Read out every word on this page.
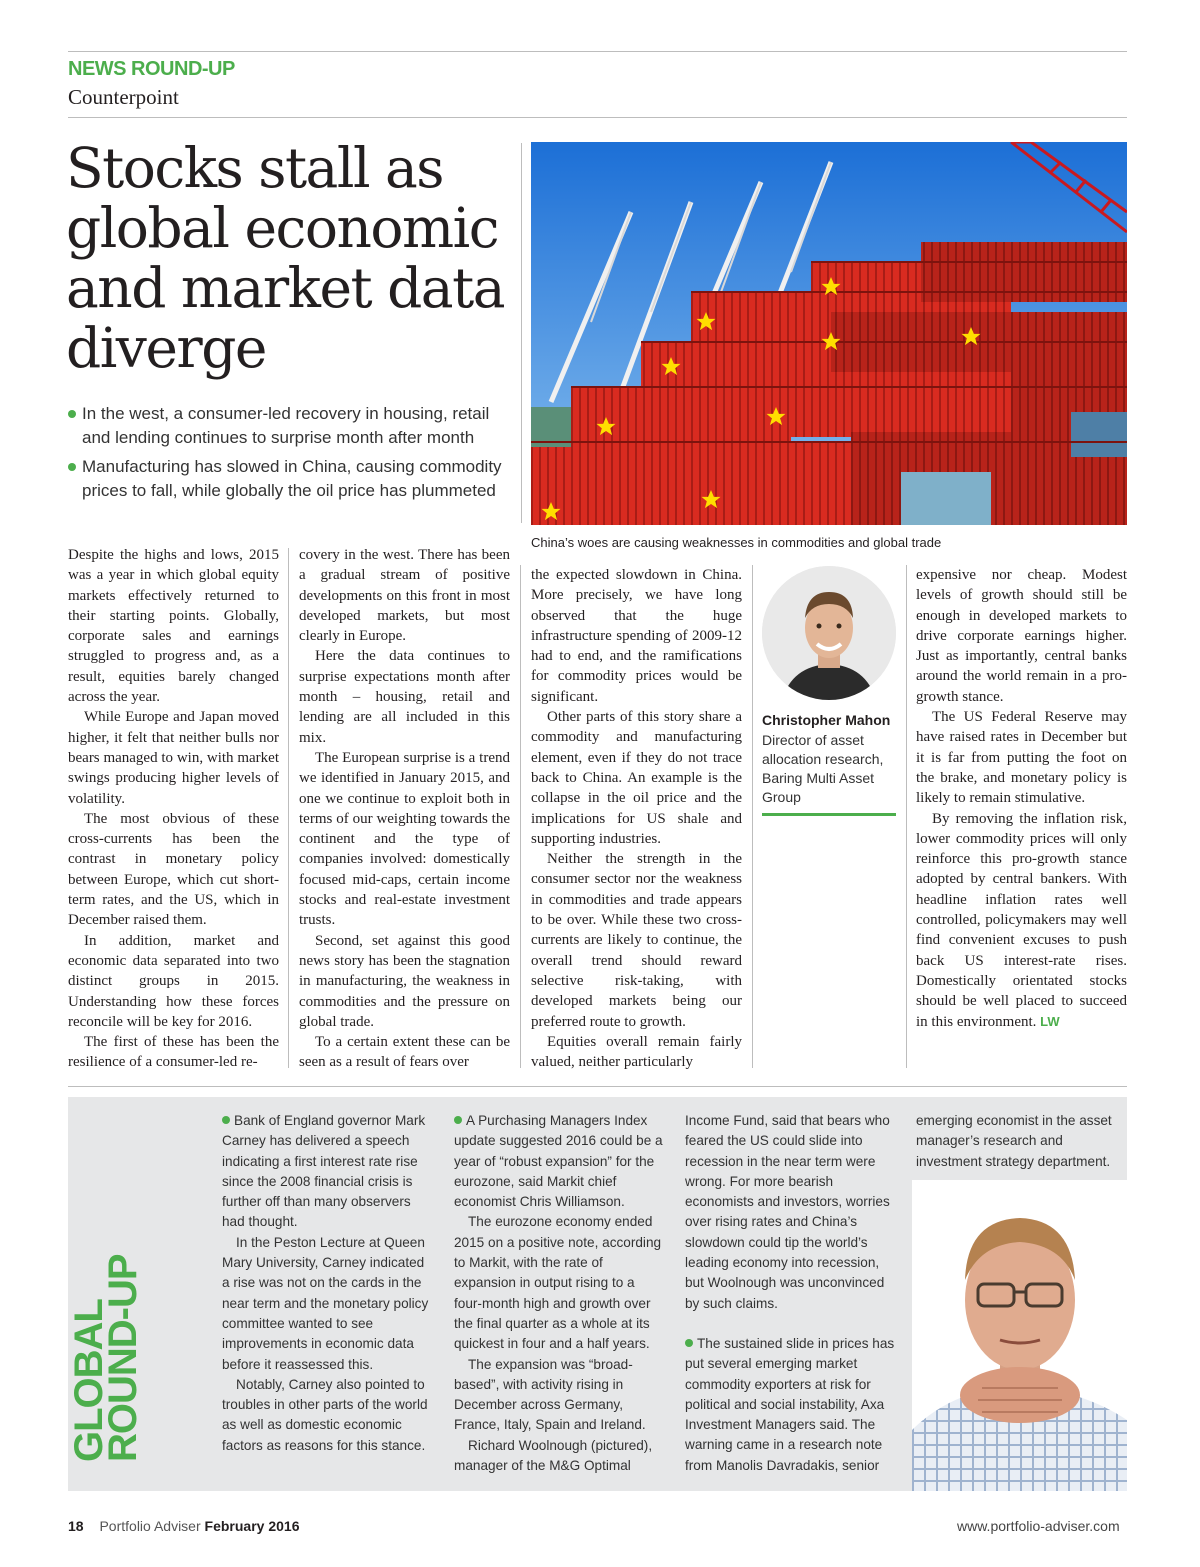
NEWS ROUND-UP
Counterpoint
Stocks stall as global economic and market data diverge
In the west, a consumer-led recovery in housing, retail and lending continues to surprise month after month
Manufacturing has slowed in China, causing commodity prices to fall, while globally the oil price has plummeted
China’s woes are causing weaknesses in commodities and global trade

Despite the highs and lows, 2015 was a year in which global equity markets effectively returned to their starting points. Globally, corporate sales and earnings struggled to progress and, as a result, equities barely changed across the year.

While Europe and Japan moved higher, it felt that neither bulls nor bears managed to win, with market swings producing higher levels of volatility.

The most obvious of these cross-currents has been the contrast in monetary policy between Europe, which cut short-term rates, and the US, which in December raised them.

In addition, market and economic data separated into two distinct groups in 2015. Understanding how these forces reconcile will be key for 2016.

The first of these has been the resilience of a consumer-led re-

covery in the west. There has been a gradual stream of positive developments on this front in most developed markets, but most clearly in Europe.

Here the data continues to surprise expectations month after month – housing, retail and lending are all included in this mix.

The European surprise is a trend we identified in January 2015, and one we continue to exploit both in terms of our weighting towards the continent and the type of companies involved: domestically focused mid-caps, certain income stocks and real-estate investment trusts.

Second, set against this good news story has been the stagnation in manufacturing, the weakness in commodities and the pressure on global trade.

To a certain extent these can be seen as a result of fears over

the expected slowdown in China. More precisely, we have long observed that the huge infrastructure spending of 2009-12 had to end, and the ramifications for commodity prices would be significant.

Other parts of this story share a commodity and manufacturing element, even if they do not trace back to China. An example is the collapse in the oil price and the implications for US shale and supporting industries.

Neither the strength in the consumer sector nor the weakness in commodities and trade appears to be over. While these two cross-currents are likely to continue, the overall trend should reward selective risk-taking, with developed markets being our preferred route to growth.

Equities overall remain fairly valued, neither particularly

Christopher Mahon
Director of asset allocation research, Baring Multi Asset Group

expensive nor cheap. Modest levels of growth should still be enough in developed markets to drive corporate earnings higher. Just as importantly, central banks around the world remain in a pro-growth stance.

The US Federal Reserve may have raised rates in December but it is far from putting the foot on the brake, and monetary policy is likely to remain stimulative.

By removing the inflation risk, lower commodity prices will only reinforce this pro-growth stance adopted by central bankers. With headline inflation rates well controlled, policymakers may well find convenient excuses to push back US interest-rate rises. Domestically orientated stocks should be well placed to succeed in this environment. LW

GLOBAL
ROUND-UP

Bank of England governor Mark Carney has delivered a speech indicating a first interest rate rise since the 2008 financial crisis is further off than many observers had thought.

In the Peston Lecture at Queen Mary University, Carney indicated a rise was not on the cards in the near term and the monetary policy committee wanted to see improvements in economic data before it reassessed this.

Notably, Carney also pointed to troubles in other parts of the world as well as domestic economic factors as reasons for this stance.

A Purchasing Managers Index update suggested 2016 could be a year of “robust expansion” for the eurozone, said Markit chief economist Chris Williamson.

The eurozone economy ended 2015 on a positive note, according to Markit, with the rate of expansion in output rising to a four-month high and growth over the final quarter as a whole at its quickest in four and a half years.

The expansion was “broad-based”, with activity rising in December across Germany, France, Italy, Spain and Ireland.

Richard Woolnough (pictured), manager of the M&G Optimal

Income Fund, said that bears who feared the US could slide into recession in the near term were wrong. For more bearish economists and investors, worries over rising rates and China’s slowdown could tip the world’s leading economy into recession, but Woolnough was unconvinced by such claims.

The sustained slide in prices has put several emerging market commodity exporters at risk for political and social instability, Axa Investment Managers said. The warning came in a research note from Manolis Davradakis, senior

emerging economist in the asset manager’s research and investment strategy department.

18 Portfolio Adviser February 2016	www.portfolio-adviser.com
